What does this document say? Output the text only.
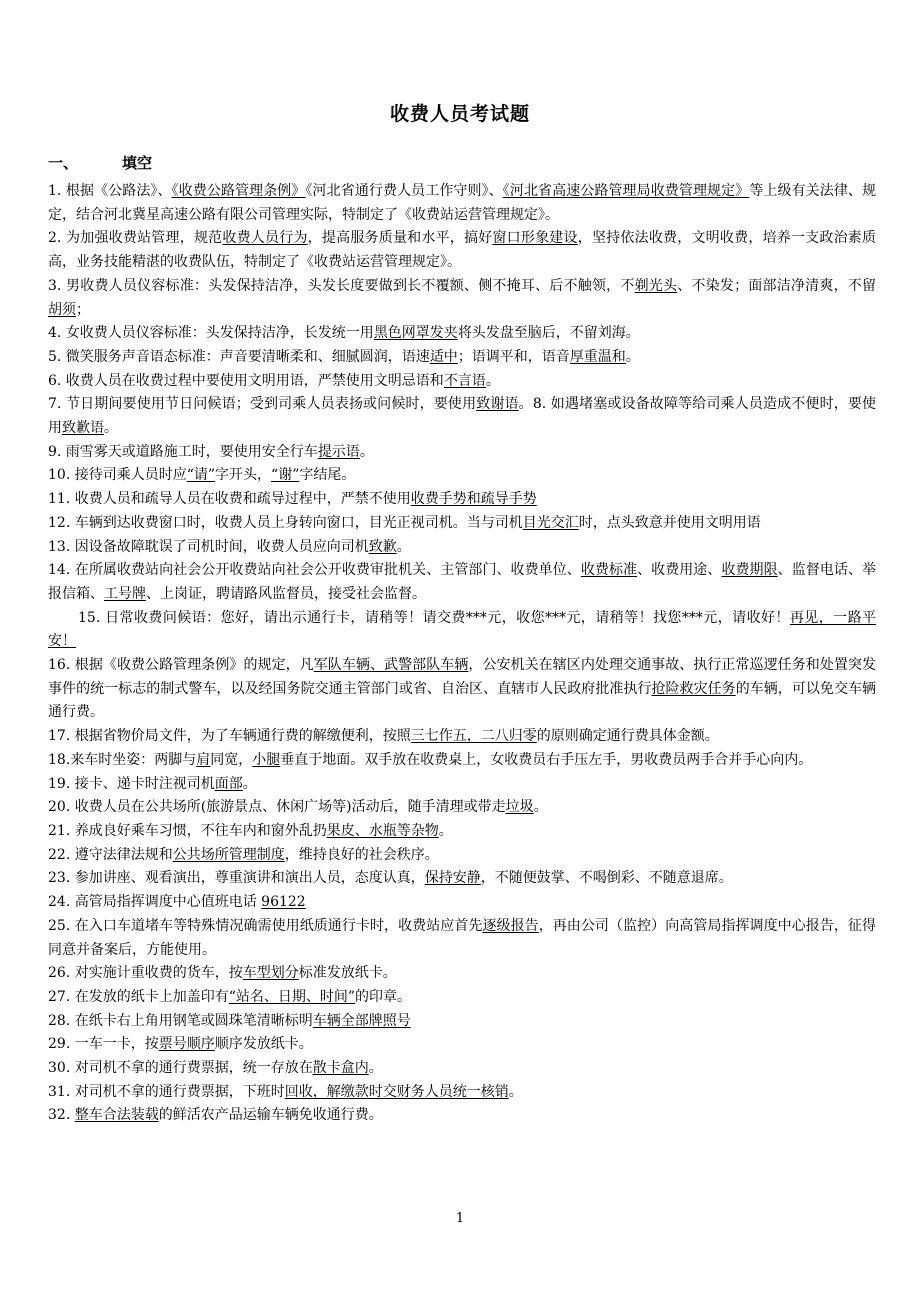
收费人员考试题
一、	填空

1. 根据《公路法》、《收费公路管理条例》《河北省通行费人员工作守则》、《河北省高速公路管理局收费管理规定》等上级有关法律、规定，结合河北冀星高速公路有限公司管理实际，特制定了《收费站运营管理规定》。

2. 为加强收费站管理，规范收费人员行为，提高服务质量和水平，搞好窗口形象建设，坚持依法收费，文明收费，培养一支政治素质高，业务技能精湛的收费队伍，特制定了《收费站运营管理规定》。

3. 男收费人员仪容标准：头发保持洁净，头发长度要做到长不覆额、侧不掩耳、后不触领，不剃光头、不染发；面部洁净清爽，不留胡须；

4. 女收费人员仪容标准：头发保持洁净，长发统一用黑色网罩发夹将头发盘至脑后，不留刘海。

5. 微笑服务声音语态标准：声音要清晰柔和、细腻圆润，语速适中；语调平和，语音厚重温和。

6. 收费人员在收费过程中要使用文明用语，严禁使用文明忌语和不言语。

7. 节日期间要使用节日问候语；受到司乘人员表扬或问候时，要使用致谢语。8. 如遇堵塞或设备故障等给司乘人员造成不便时，要使用致歉语。

9. 雨雪雾天或道路施工时，要使用安全行车提示语。

10. 接待司乘人员时应“请”字开头，“谢”字结尾。

11. 收费人员和疏导人员在收费和疏导过程中，严禁不使用收费手势和疏导手势

12. 车辆到达收费窗口时，收费人员上身转向窗口，目光正视司机。当与司机目光交汇时，点头致意并使用文明用语

13. 因设备故障耽误了司机时间，收费人员应向司机致歉。

14. 在所属收费站向社会公开收费站向社会公开收费审批机关、主管部门、收费单位、收费标准、收费用途、收费期限、监督电话、举报信箱、工号牌、上岗证，聘请路风监督员，接受社会监督。

15. 日常收费问候语：您好，请出示通行卡，请稍等！请交费***元，收您***元，请稍等！找您***元，请收好！再见，一路平安！

16. 根据《收费公路管理条例》的规定，凡军队车辆、武警部队车辆，公安机关在辖区内处理交通事故、执行正常巡逻任务和处置突发事件的统一标志的制式警车，以及经国务院交通主管部门或省、自治区、直辖市人民政府批准执行抢险救灾任务的车辆，可以免交车辆通行费。

17. 根据省物价局文件，为了车辆通行费的解缴便利，按照三七作五，二八归零的原则确定通行费具体金额。

18.来车时坐姿：两脚与肩同宽，小腿垂直于地面。双手放在收费桌上，女收费员右手压左手，男收费员两手合并手心向内。

19. 接卡、递卡时注视司机面部。

20. 收费人员在公共场所(旅游景点、休闲广场等)活动后，随手清理或带走垃圾。

21. 养成良好乘车习惯，不往车内和窗外乱扔果皮、水瓶等杂物。

22. 遵守法律法规和公共场所管理制度，维持良好的社会秩序。

23. 参加讲座、观看演出，尊重演讲和演出人员，态度认真，保持安静，不随便鼓掌、不喝倒彩、不随意退席。

24. 高管局指挥调度中心值班电话 96122

25. 在入口车道堵车等特殊情况确需使用纸质通行卡时，收费站应首先逐级报告，再由公司（监控）向高管局指挥调度中心报告，征得同意并备案后，方能使用。

26. 对实施计重收费的货车，按车型划分标准发放纸卡。

27. 在发放的纸卡上加盖印有“站名、日期、时间”的印章。

28. 在纸卡右上角用钢笔或圆珠笔清晰标明车辆全部牌照号

29. 一车一卡，按票号顺序顺序发放纸卡。

30. 对司机不拿的通行费票据，统一存放在散卡盒内。

31. 对司机不拿的通行费票据，下班时回收，解缴款时交财务人员统一核销。

32. 整车合法装载的鲜活农产品运输车辆免收通行费。

1
